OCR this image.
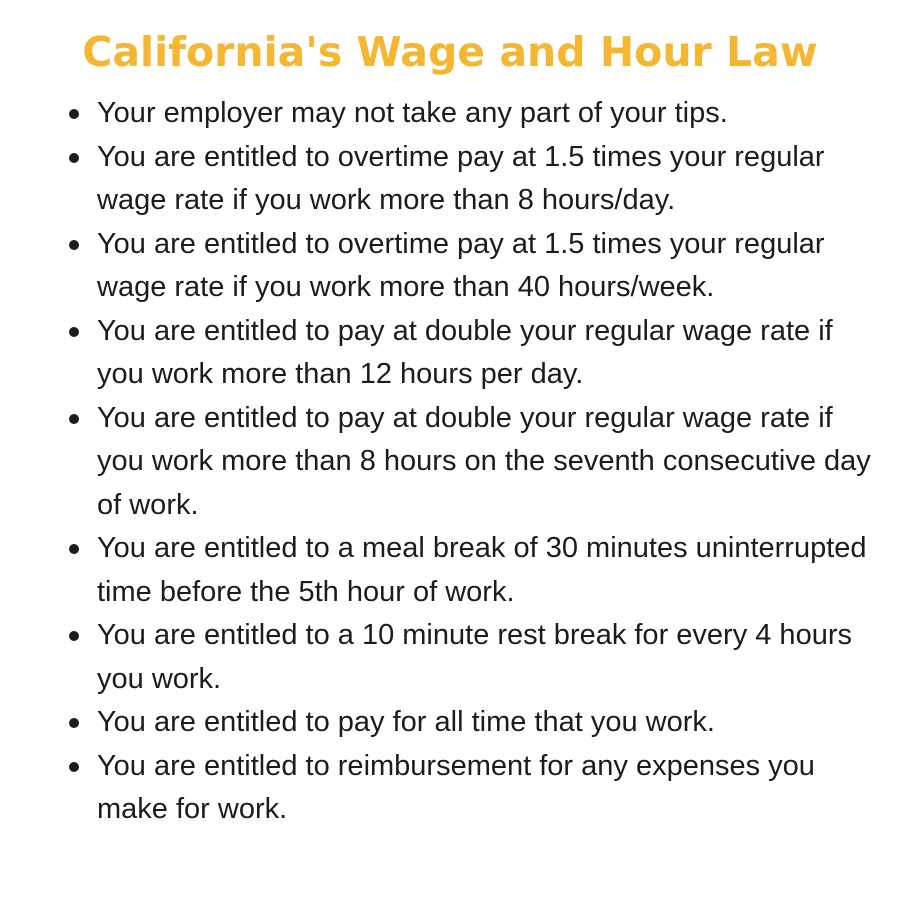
California's Wage and Hour Law
Your employer may not take any part of your tips.
You are entitled to overtime pay at 1.5 times your regular wage rate if you work more than 8 hours/day.
You are entitled to overtime pay at 1.5 times your regular wage rate if you work more than 40 hours/week.
You are entitled to pay at double your regular wage rate if you work more than 12 hours per day.
You are entitled to pay at double your regular wage rate if you work more than 8 hours on the seventh consecutive day of work.
You are entitled to a meal break of 30 minutes uninterrupted time before the 5th hour of work.
You are entitled to a 10 minute rest break for every 4 hours you work.
You are entitled to pay for all time that you work.
You are entitled to reimbursement for any expenses you make for work.
